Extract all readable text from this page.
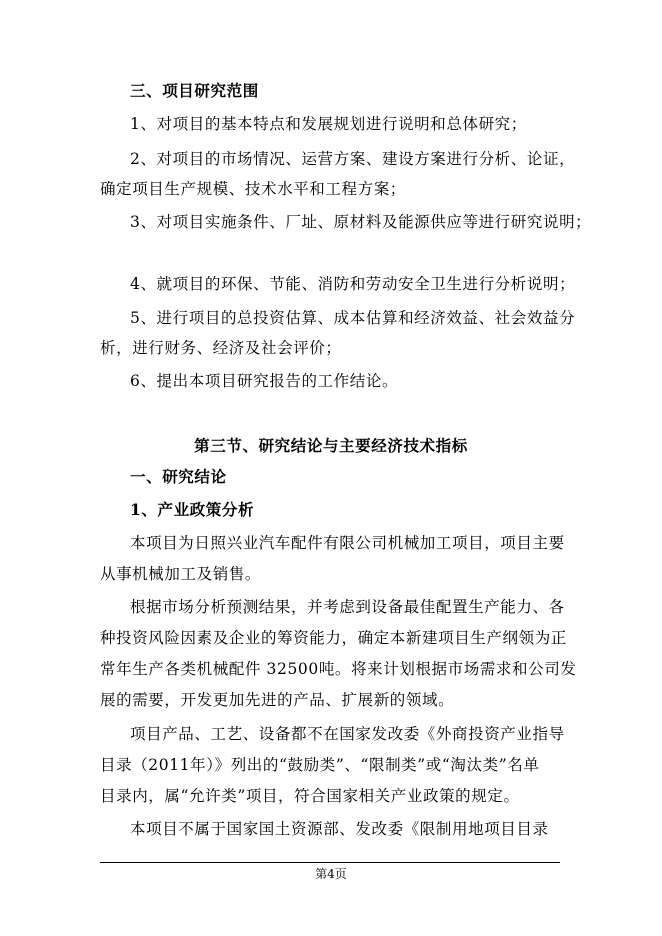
三、项目研究范围
1、对项目的基本特点和发展规划进行说明和总体研究；
2、对项目的市场情况、运营方案、建设方案进行分析、论证，
确定项目生产规模、技术水平和工程方案；
3、对项目实施条件、厂址、原材料及能源供应等进行研究说明；
4、就项目的环保、节能、消防和劳动安全卫生进行分析说明；
5、进行项目的总投资估算、成本估算和经济效益、社会效益分
析，进行财务、经济及社会评价；
6、提出本项目研究报告的工作结论。
第三节、研究结论与主要经济技术指标
一、研究结论
1、产业政策分析
本项目为日照兴业汽车配件有限公司机械加工项目，项目主要
从事机械加工及销售。
根据市场分析预测结果，并考虑到设备最佳配置生产能力、各
种投资风险因素及企业的筹资能力，确定本新建项目生产纲领为正
常年生产各类机械配件 32500吨。将来计划根据市场需求和公司发
展的需要，开发更加先进的产品、扩展新的领域。
项目产品、工艺、设备都不在国家发改委《外商投资产业指导
目录（2011年）》列出的“鼓励类”、“限制类”或“淘汰类”名单
目录内，属“允许类”项目，符合国家相关产业政策的规定。
本项目不属于国家国土资源部、发改委《限制用地项目目录
第4页
